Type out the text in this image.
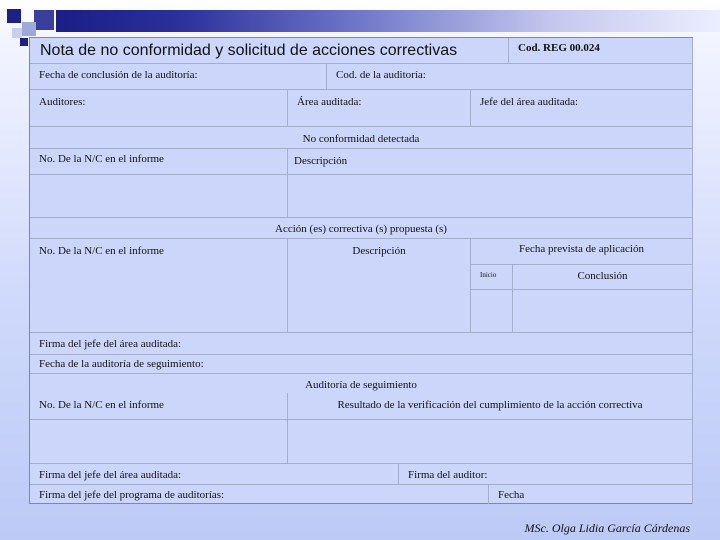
Nota de no conformidad y solicitud de acciones correctivas	Cod. REG 00.024
Fecha de conclusión de la auditoría:	Cod. de la auditoría:
Auditores:	Área auditada:	Jefe del área auditada:
No conformidad detectada
No. De la N/C en el informe	Descripción
Acción (es) correctiva (s) propuesta (s)
No. De la N/C en el informe	Descripción	Fecha prevista de aplicación
Inicio	Conclusión
Firma del jefe del área auditada:
Fecha de la auditoría de seguimiento:
Auditoría de seguimiento
No. De la N/C en el informe	Resultado de la verificación del cumplimiento de la acción correctiva
Firma del jefe del área auditada:	Firma del auditor:
Firma del jefe del programa de auditorías:	Fecha
MSc. Olga Lidia García Cárdenas
